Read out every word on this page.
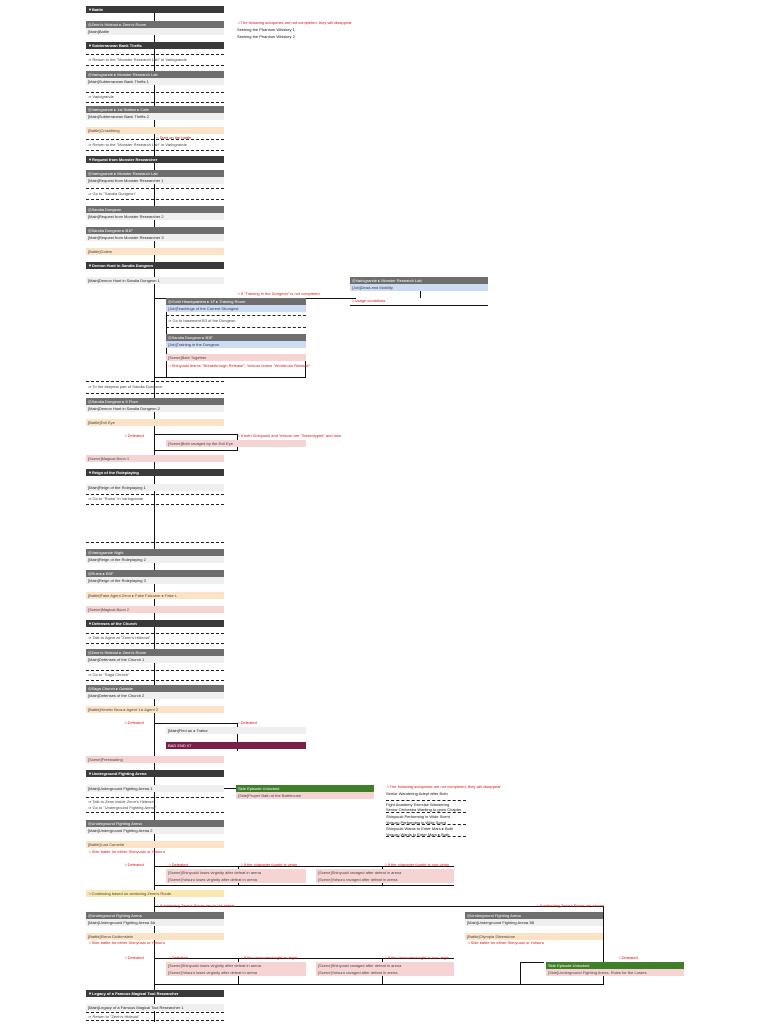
▼Battle
◎Zenn's Hideout ▸ Zenn's Room
[Main]Battle
☆The following subquests are not completed, they will disappear
Seeking the Phantom Whiskey 1
Seeking the Phantom Whiskey 2
▼Subterranean Bank Thefts
⇒ Return to the "Monster Research Lab" in Varlogrande
◎Varlogrande ▸ Monster Research Lab
[Main]Subterranean Bank Thefts 1
⇒ Varlogrande
◎Varlogrande ▸ 1st Station ▸ Cafe
[Main]Subterranean Bank Thefts 2
[Battle]Crossfiring
☆Start on the battle
⇒ Return to the "Monster Research Lab" in Varlogrande
▼Request from Monster Researcher
◎Varlogrande ▸ Monster Research Lab
[Main]Request from Monster Researcher 1
⇒ Go to "Sandia Dungeon"
◎Sandia Dungeon
[Main]Request from Monster Researcher 2
◎Sandia Dungeon ▸ B1F
[Main]Request from Monster Researcher 3
[Battle]Golem
▼Demon Hunt in Sandia Dungeon
[Main]Demon Hunt in Sandia Dungeon 1
☆If "Training in the Dungeon" is not completed
◎Guild Headquarters ▸ 1F ▸ Training Room
[Job]Teachings of the Current Strongest
⇒ Go to basement B3 of the Dungeon
◎Sandia Dungeon ▸ B3F
[Job]Training in the Dungeon
[Scene]Bath Together
☆Shinyuuki learns "Breakthrough Release", Yotsuru learns "Wondrous Release"
◎Varlogrande ▸ Monster Research Lab
[Job]Dead-end Mobility
☆Usage conditions
⇒ To the deepest part of Sandia Dungeon
◎Sandia Dungeon ▸ 5 Floor
[Main]Demon Hunt in Sandia Dungeon 2
[Battle]Evil Eye
☆Defeated	☆If both Shinyuuki and Yotsuru are "Stereotyped" and lose
[Scene]Both ravaged by the Evil Eye
[Scene]Magical Boon 1
▼Reign of the Roleplaying
[Main]Reign of the Roleplaying 1
⇒ Go to "Ruins" in Varlogrande
◎Varlogrande Night
[Main]Reign of the Roleplaying 2
◎Ruins ▸ B3F
[Main]Reign of the Roleplaying 3
[Battle]Fake Agent Zenn ▸ Fake Falconer ▸ Fake L
[Scene]Magical Boon 2
▼Defenses of the Church
⇒ Talk to Agent at "Zenn's Hideout"
◎Zenn's Hideout ▸ Zenn's Room
[Main]Defenses of the Church 1
⇒ Go to "Saga Church"
◎Saga Church ▸ Outside
[Main]Defenses of the Church 2
[Battle]Heretic Bros ▸ Agent 1 ▸ Agent 2
☆Defeated	☆Defeated
[Main]Fled as a Traitor
BAD END 07
[Scene]Freeloading
▼Underground Fighting Arena
[Main]Underground Fighting Arena 1	Side Episode Unlocked
[Side]Proper Bath at the Bathhouse
☆The following subquests are not completed, they will disappear
Senior Wandering Adept after Both
Fight Academy Exercise Wandering
Senior Orchestra Wanting to grow Chapter
Shinyuuki Performing in Wide Scent
Yotsuru Performing in Wide Scent
Shinyuuki Wants to Enter Mars ▸ Both
Yotsuru Wants to Enter Mars ▸ Both
⇒ Talk to Zenn inside Zenn's Hideout
⇒ Go to "Underground Fighting Arena"
◎Underground Fighting Arena
[Main]Underground Fighting Arena 2
[Battle]Lust Carnelia
☆Side battle for either Shinyuuki or Yotsuru
☆Defeated	☆Defeated	☆If the character fought is virgin	☆If the character fought is non-virgin
[Scene]Shinyuuki loses virginity after defeat in arena
[Scene]Yotsuru loses virginity after defeat in arena
[Scene]Shinyuuki ravaged after defeat in arena
[Scene]Yotsuru ravaged after defeat in arena
☆Continuing based on achieving Zenn's Route
☆If achieving Zenn's Route are in 1st defeat	☆If achieving Zenn's Route are shown
◎Underground Fighting Arena
[Main]Underground Fighting Arena 3A
[Battle]Elena Goldenstein
☆Side battle for either Shinyuuki or Yotsuru
◎Underground Fighting Arena
[Main]Underground Fighting Arena 3B
[Battle]Olympia Silverstone
☆Side battle for either Shinyuuki or Yotsuru
☆Defeated	☆Defeated	☆If the character fought is virgin	☆If the character fought is non-virgin	☆Defeated
[Scene]Shinyuuki loses virginity after defeat in arena
[Scene]Yotsuru loses virginity after defeat in arena
[Scene]Shinyuuki ravaged after defeat in arena
[Scene]Yotsuru ravaged after defeat in arena
Side Episode Unlocked
[Side]Underground Fighting Arena, Rules for the Losers
▼Legacy of a Famous Magical Tool Researcher
[Main]Legacy of a Famous Magical Tool Researcher 1
⇒ Return to "Zenn's Hideout"
